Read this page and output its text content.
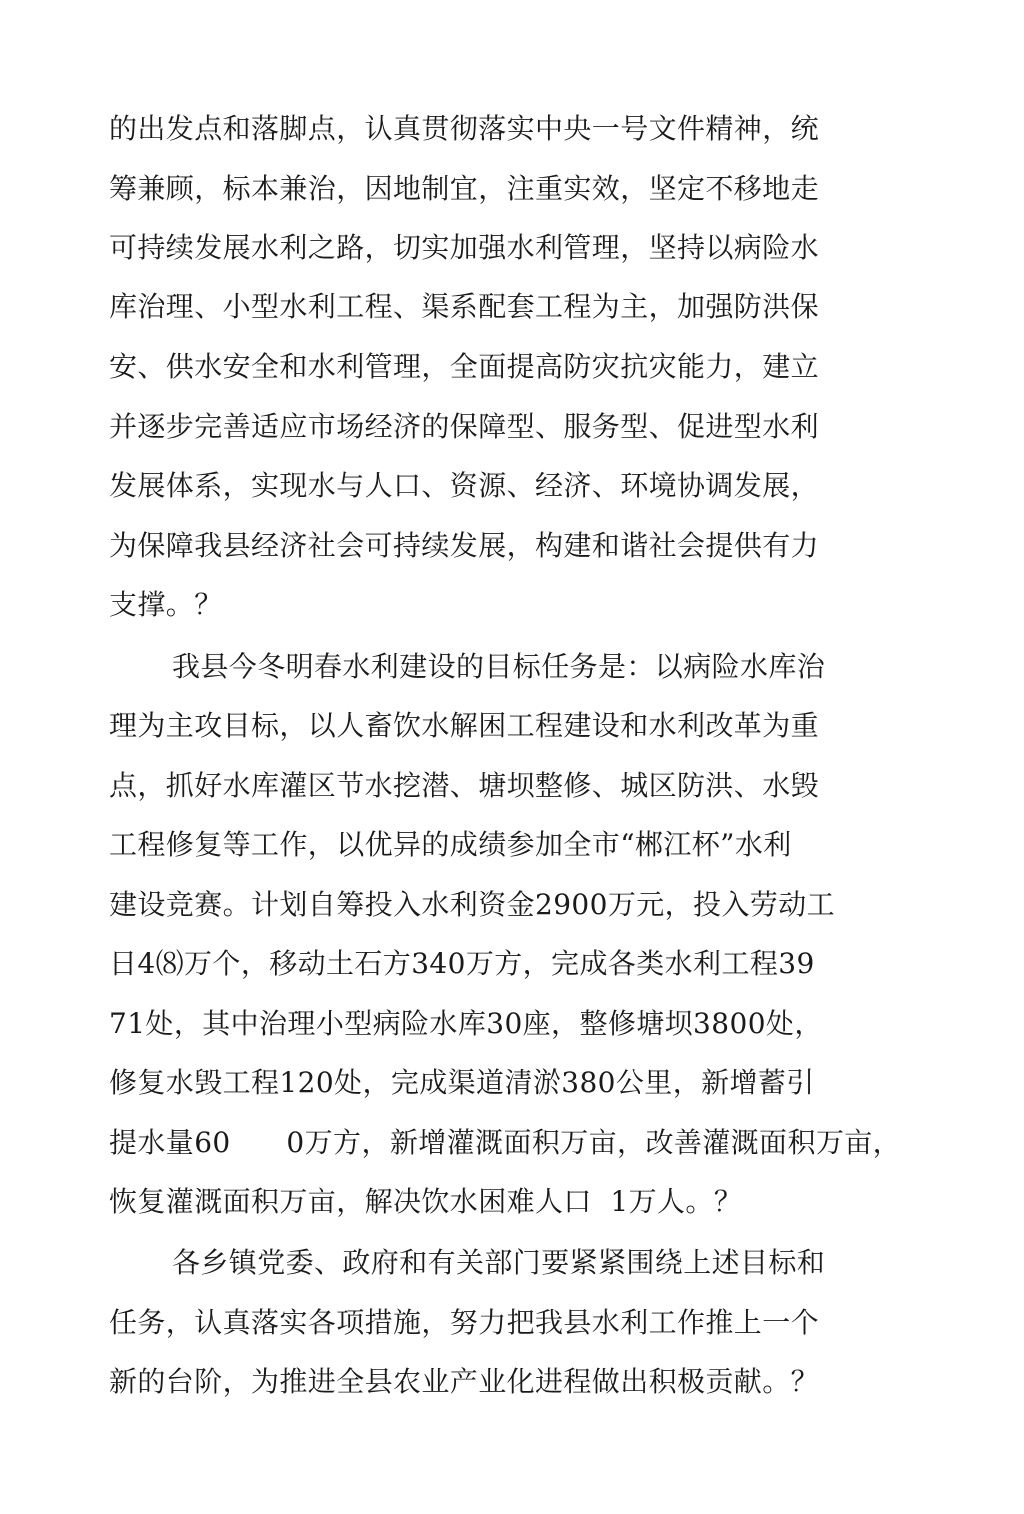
的出发点和落脚点，认真贯彻落实中央一号文件精神，统
筹兼顾，标本兼治，因地制宜，注重实效，坚定不移地走
可持续发展水利之路，切实加强水利管理，坚持以病险水
库治理、小型水利工程、渠系配套工程为主，加强防洪保
安、供水安全和水利管理，全面提高防灾抗灾能力，建立
并逐步完善适应市场经济的保障型、服务型、促进型水利
发展体系，实现水与人口、资源、经济、环境协调发展，
为保障我县经济社会可持续发展，构建和谐社会提供有力
支撑。？
我县今冬明春水利建设的目标任务是：以病险水库治
理为主攻目标，以人畜饮水解困工程建设和水利改革为重
点，抓好水库灌区节水挖潜、塘坝整修、城区防洪、水毁
工程修复等工作，以优异的成绩参加全市“郴江杯”水利
建设竞赛。计划自筹投入水利资金2900万元，投入劳动工
日4⑻万个，移动土石方340万方，完成各类水利工程39
71处，其中治理小型病险水库30座，整修塘坝3800处，
修复水毁工程120处，完成渠道清淤380公里，新增蓄引
提水量60      0万方，新增灌溉面积万亩，改善灌溉面积万亩，
恢复灌溉面积万亩，解决饮水困难人口  1万人。？
各乡镇党委、政府和有关部门要紧紧围绕上述目标和
任务，认真落实各项措施，努力把我县水利工作推上一个
新的台阶，为推进全县农业产业化进程做出积极贡献。？
